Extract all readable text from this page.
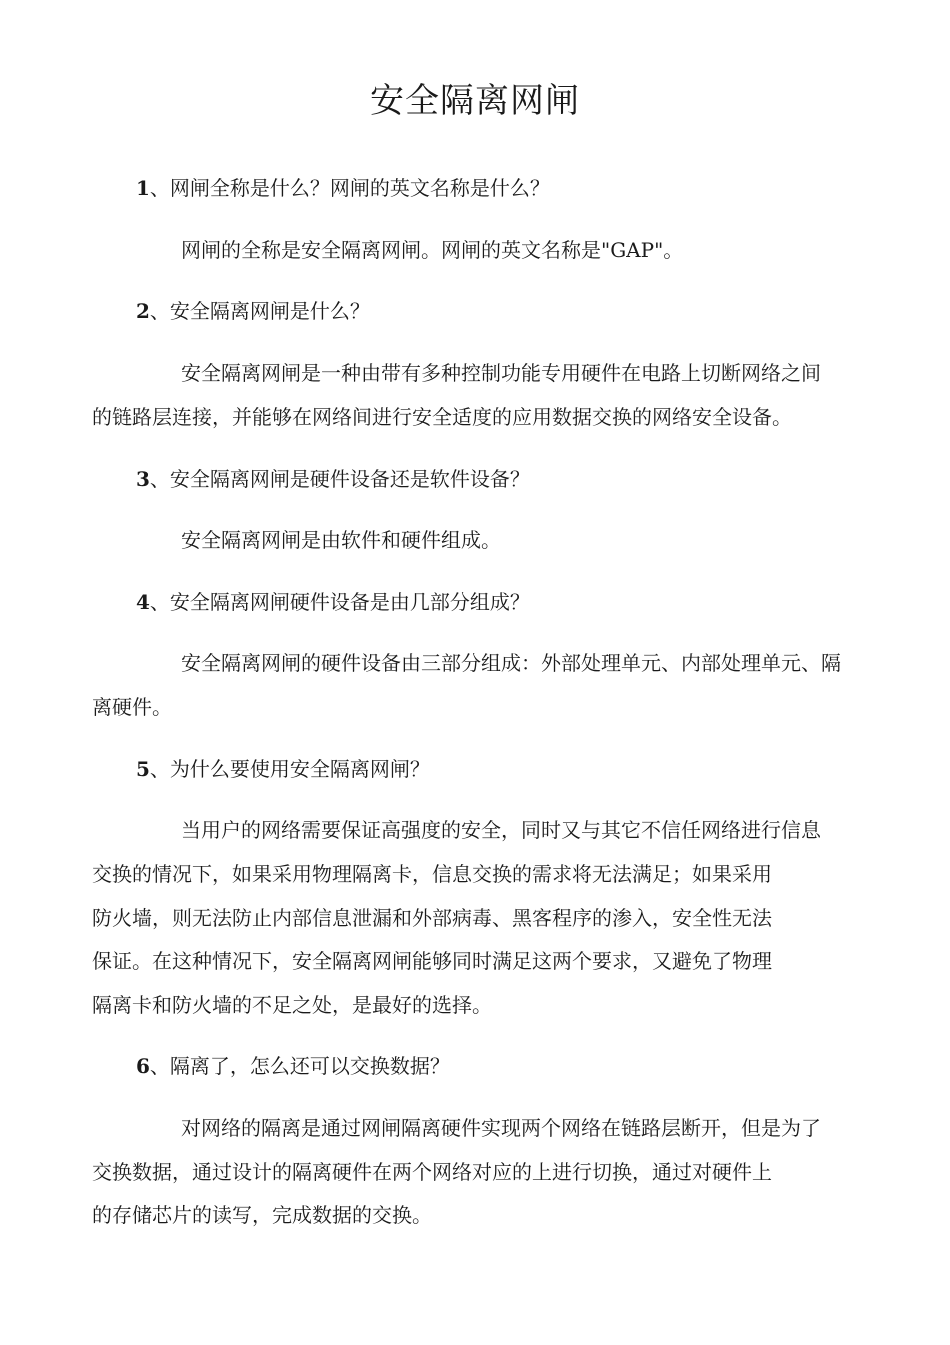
安全隔离网闸

1、网闸全称是什么？网闸的英文名称是什么？

网闸的全称是安全隔离网闸。网闸的英文名称是"GAP"。

2、安全隔离网闸是什么？

安全隔离网闸是一种由带有多种控制功能专用硬件在电路上切断网络之间

的链路层连接，并能够在网络间进行安全适度的应用数据交换的网络安全设备。

3、安全隔离网闸是硬件设备还是软件设备？

安全隔离网闸是由软件和硬件组成。

4、安全隔离网闸硬件设备是由几部分组成？

安全隔离网闸的硬件设备由三部分组成：外部处理单元、内部处理单元、隔

离硬件。

5、为什么要使用安全隔离网闸？

当用户的网络需要保证高强度的安全，同时又与其它不信任网络进行信息

交换的情况下，如果采用物理隔离卡，信息交换的需求将无法满足；如果采用

防火墙，则无法防止内部信息泄漏和外部病毒、黑客程序的渗入，安全性无法

保证。在这种情况下，安全隔离网闸能够同时满足这两个要求，又避免了物理

隔离卡和防火墙的不足之处，是最好的选择。

6、隔离了，怎么还可以交换数据？

对网络的隔离是通过网闸隔离硬件实现两个网络在链路层断开，但是为了

交换数据，通过设计的隔离硬件在两个网络对应的上进行切换，通过对硬件上

的存储芯片的读写，完成数据的交换。
